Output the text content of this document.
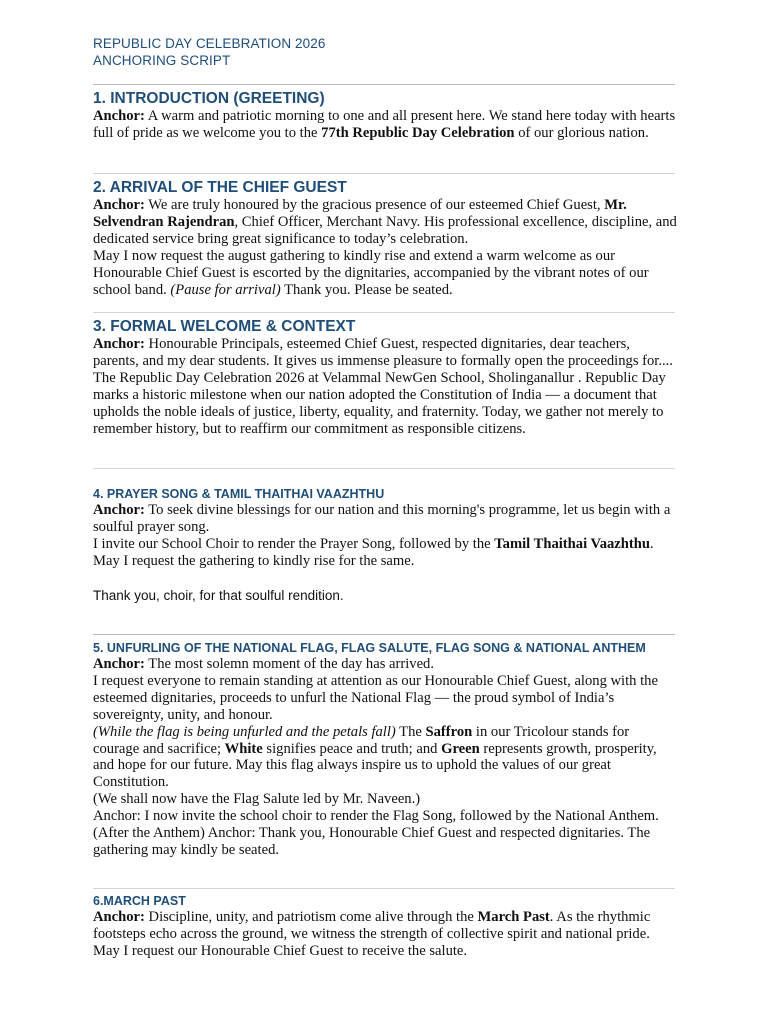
REPUBLIC DAY CELEBRATION 2026
ANCHORING SCRIPT
1. INTRODUCTION (GREETING)

Anchor: A warm and patriotic morning to one and all present here. We stand here today with hearts full of pride as we welcome you to the 77th Republic Day Celebration of our glorious nation.

2. ARRIVAL OF THE CHIEF GUEST

Anchor: We are truly honoured by the gracious presence of our esteemed Chief Guest, Mr. Selvendran Rajendran, Chief Officer, Merchant Navy. His professional excellence, discipline, and dedicated service bring great significance to today’s celebration.

May I now request the august gathering to kindly rise and extend a warm welcome as our Honourable Chief Guest is escorted by the dignitaries, accompanied by the vibrant notes of our school band. (Pause for arrival) Thank you. Please be seated.

3. FORMAL WELCOME & CONTEXT

Anchor: Honourable Principals, esteemed Chief Guest, respected dignitaries, dear teachers, parents, and my dear students. It gives us immense pleasure to formally open the proceedings for.... The Republic Day Celebration 2026 at Velammal NewGen School, Sholinganallur . Republic Day marks a historic milestone when our nation adopted the Constitution of India — a document that upholds the noble ideals of justice, liberty, equality, and fraternity. Today, we gather not merely to remember history, but to reaffirm our commitment as responsible citizens.

4. PRAYER SONG & TAMIL THAITHAI VAAZHTHU

Anchor: To seek divine blessings for our nation and this morning's programme, let us begin with a soulful prayer song.

I invite our School Choir to render the Prayer Song, followed by the Tamil Thaithai Vaazhthu.

May I request the gathering to kindly rise for the same.

Thank you, choir, for that soulful rendition.

5. UNFURLING OF THE NATIONAL FLAG, FLAG SALUTE, FLAG SONG & NATIONAL ANTHEM

Anchor: The most solemn moment of the day has arrived.

I request everyone to remain standing at attention as our Honourable Chief Guest, along with the esteemed dignitaries, proceeds to unfurl the National Flag — the proud symbol of India’s sovereignty, unity, and honour.

(While the flag is being unfurled and the petals fall) The Saffron in our Tricolour stands for courage and sacrifice; White signifies peace and truth; and Green represents growth, prosperity, and hope for our future. May this flag always inspire us to uphold the values of our great Constitution.

(We shall now have the Flag Salute led by Mr. Naveen.)

Anchor: I now invite the school choir to render the Flag Song, followed by the National Anthem.

(After the Anthem) Anchor: Thank you, Honourable Chief Guest and respected dignitaries. The gathering may kindly be seated.

6.MARCH PAST

Anchor: Discipline, unity, and patriotism come alive through the March Past. As the rhythmic footsteps echo across the ground, we witness the strength of collective spirit and national pride. May I request our Honourable Chief Guest to receive the salute.
